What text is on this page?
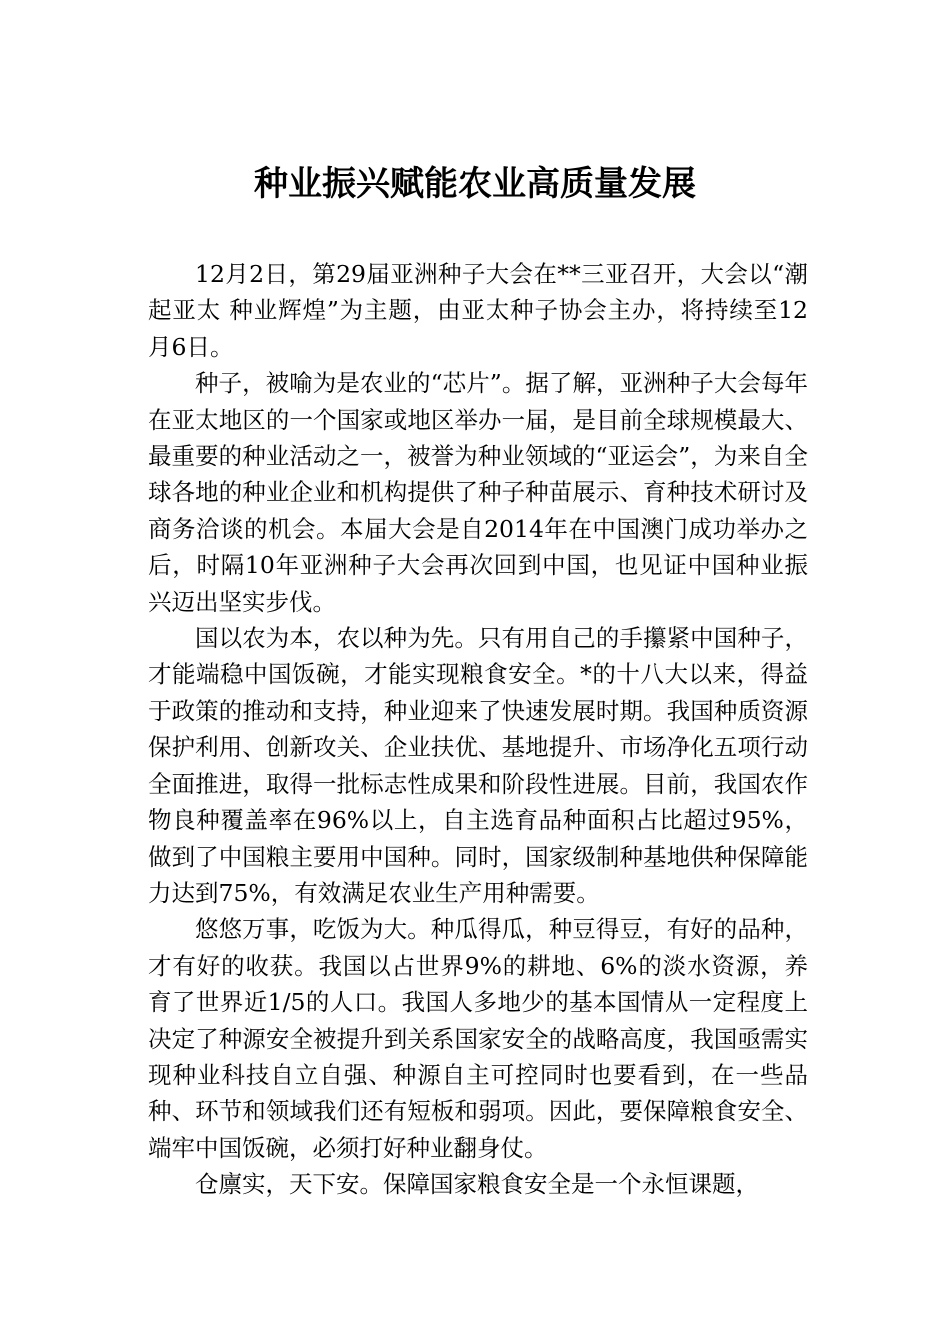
种业振兴赋能农业高质量发展

12月2日，第29届亚洲种子大会在**三亚召开，大会以“潮起亚太 种业辉煌”为主题，由亚太种子协会主办，将持续至12月6日。

种子，被喻为是农业的“芯片”。据了解，亚洲种子大会每年在亚太地区的一个国家或地区举办一届，是目前全球规模最大、最重要的种业活动之一，被誉为种业领域的“亚运会”，为来自全球各地的种业企业和机构提供了种子种苗展示、育种技术研讨及商务洽谈的机会。本届大会是自2014年在中国澳门成功举办之后，时隔10年亚洲种子大会再次回到中国，也见证中国种业振兴迈出坚实步伐。

国以农为本，农以种为先。只有用自己的手攥紧中国种子，才能端稳中国饭碗，才能实现粮食安全。*的十八大以来，得益于政策的推动和支持，种业迎来了快速发展时期。我国种质资源保护利用、创新攻关、企业扶优、基地提升、市场净化五项行动全面推进，取得一批标志性成果和阶段性进展。目前，我国农作物良种覆盖率在96%以上，自主选育品种面积占比超过95%，做到了中国粮主要用中国种。同时，国家级制种基地供种保障能力达到75%，有效满足农业生产用种需要。

悠悠万事，吃饭为大。种瓜得瓜，种豆得豆，有好的品种，才有好的收获。我国以占世界9%的耕地、6%的淡水资源，养育了世界近1/5的人口。我国人多地少的基本国情从一定程度上决定了种源安全被提升到关系国家安全的战略高度，我国亟需实现种业科技自立自强、种源自主可控同时也要看到，在一些品种、环节和领域我们还有短板和弱项。因此，要保障粮食安全、端牢中国饭碗，必须打好种业翻身仗。

仓廪实，天下安。保障国家粮食安全是一个永恒课题，
